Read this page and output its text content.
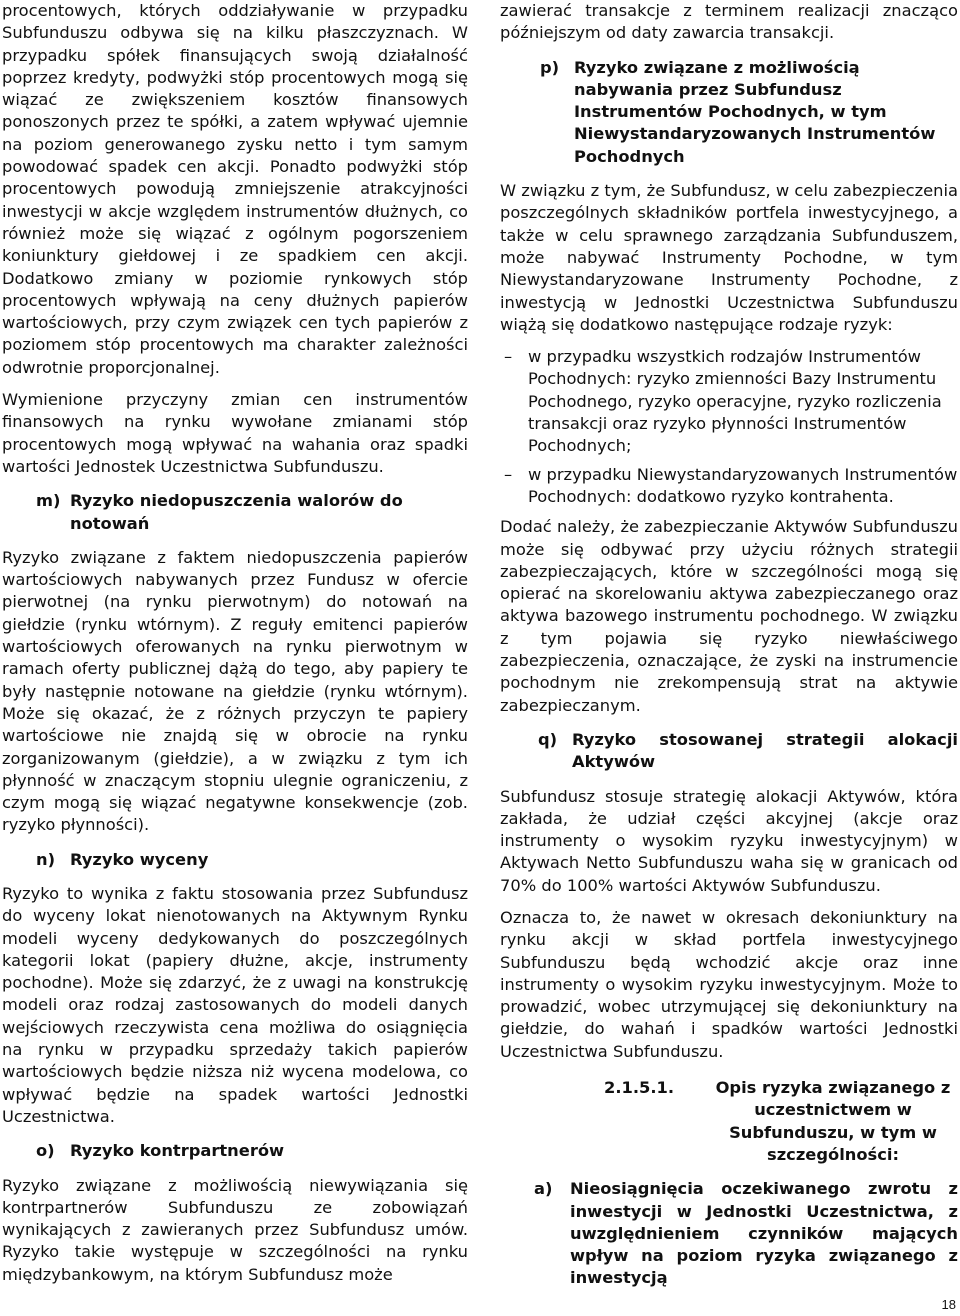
procentowych, których oddziaływanie w przypadku Subfunduszu odbywa się na kilku płaszczyznach. W przypadku spółek finansujących swoją działalność poprzez kredyty, podwyżki stóp procentowych mogą się wiązać ze zwiększeniem kosztów finansowych ponoszonych przez te spółki, a zatem wpływać ujemnie na poziom generowanego zysku netto i tym samym powodować spadek cen akcji. Ponadto podwyżki stóp procentowych powodują zmniejszenie atrakcyjności inwestycji w akcje względem instrumentów dłużnych, co również może się wiązać z ogólnym pogorszeniem koniunktury giełdowej i ze spadkiem cen akcji. Dodatkowo zmiany w poziomie rynkowych stóp procentowych wpływają na ceny dłużnych papierów wartościowych, przy czym związek cen tych papierów z poziomem stóp procentowych ma charakter zależności odwrotnie proporcjonalnej.

Wymienione przyczyny zmian cen instrumentów finansowych na rynku wywołane zmianami stóp procentowych mogą wpływać na wahania oraz spadki wartości Jednostek Uczestnictwa Subfunduszu.

m) Ryzyko niedopuszczenia walorów do notowań

Ryzyko związane z faktem niedopuszczenia papierów wartościowych nabywanych przez Fundusz w ofercie pierwotnej (na rynku pierwotnym) do notowań na giełdzie (rynku wtórnym). Z reguły emitenci papierów wartościowych oferowanych na rynku pierwotnym w ramach oferty publicznej dążą do tego, aby papiery te były następnie notowane na giełdzie (rynku wtórnym). Może się okazać, że z różnych przyczyn te papiery wartościowe nie znajdą się w obrocie na rynku zorganizowanym (giełdzie), a w związku z tym ich płynność w znaczącym stopniu ulegnie ograniczeniu, z czym mogą się wiązać negatywne konsekwencje (zob. ryzyko płynności).

n) Ryzyko wyceny

Ryzyko to wynika z faktu stosowania przez Subfundusz do wyceny lokat nienotowanych na Aktywnym Rynku modeli wyceny dedykowanych do poszczególnych kategorii lokat (papiery dłużne, akcje, instrumenty pochodne). Może się zdarzyć, że z uwagi na konstrukcję modeli oraz rodzaj zastosowanych do modeli danych wejściowych rzeczywista cena możliwa do osiągnięcia na rynku w przypadku sprzedaży takich papierów wartościowych będzie niższa niż wycena modelowa, co wpływać będzie na spadek wartości Jednostki Uczestnictwa.

o) Ryzyko kontrpartnerów

Ryzyko związane z możliwością niewywiązania się kontrpartnerów Subfunduszu ze zobowiązań wynikających z zawieranych przez Subfundusz umów. Ryzyko takie występuje w szczególności na rynku międzybankowym, na którym Subfundusz może

zawierać transakcje z terminem realizacji znacząco późniejszym od daty zawarcia transakcji.

p) Ryzyko związane z możliwością nabywania przez Subfundusz Instrumentów Pochodnych, w tym Niewystandaryzowanych Instrumentów Pochodnych

W związku z tym, że Subfundusz, w celu zabezpieczenia poszczególnych składników portfela inwestycyjnego, a także w celu sprawnego zarządzania Subfunduszem, może nabywać Instrumenty Pochodne, w tym Niewystandaryzowane Instrumenty Pochodne, z inwestycją w Jednostki Uczestnictwa Subfunduszu wiążą się dodatkowo następujące rodzaje ryzyk:

– w przypadku wszystkich rodzajów Instrumentów Pochodnych: ryzyko zmienności Bazy Instrumentu Pochodnego, ryzyko operacyjne, ryzyko rozliczenia transakcji oraz ryzyko płynności Instrumentów Pochodnych;
– w przypadku Niewystandaryzowanych Instrumentów Pochodnych: dodatkowo ryzyko kontrahenta.

Dodać należy, że zabezpieczanie Aktywów Subfunduszu może się odbywać przy użyciu różnych strategii zabezpieczających, które w szczególności mogą się opierać na skorelowaniu aktywa zabezpieczanego oraz aktywa bazowego instrumentu pochodnego. W związku z tym pojawia się ryzyko niewłaściwego zabezpieczenia, oznaczające, że zyski na instrumencie pochodnym nie zrekompensują strat na aktywie zabezpieczanym.

q) Ryzyko stosowanej strategii alokacji Aktywów

Subfundusz stosuje strategię alokacji Aktywów, która zakłada, że udział części akcyjnej (akcje oraz instrumenty o wysokim ryzyku inwestycyjnym) w Aktywach Netto Subfunduszu waha się w granicach od 70% do 100% wartości Aktywów Subfunduszu.

Oznacza to, że nawet w okresach dekoniunktury na rynku akcji w skład portfela inwestycyjnego Subfunduszu będą wchodzić akcje oraz inne instrumenty o wysokim ryzyku inwestycyjnym. Może to prowadzić, wobec utrzymującej się dekoniunktury na giełdzie, do wahań i spadków wartości Jednostki Uczestnictwa Subfunduszu.

2.1.5.1.	Opis ryzyka związanego z uczestnictwem w Subfunduszu, w tym w szczególności:
a)	Nieosiągnięcia oczekiwanego zwrotu z inwestycji w Jednostki Uczestnictwa, z uwzględnieniem czynników mających wpływ na poziom ryzyka związanego z inwestycją
18
